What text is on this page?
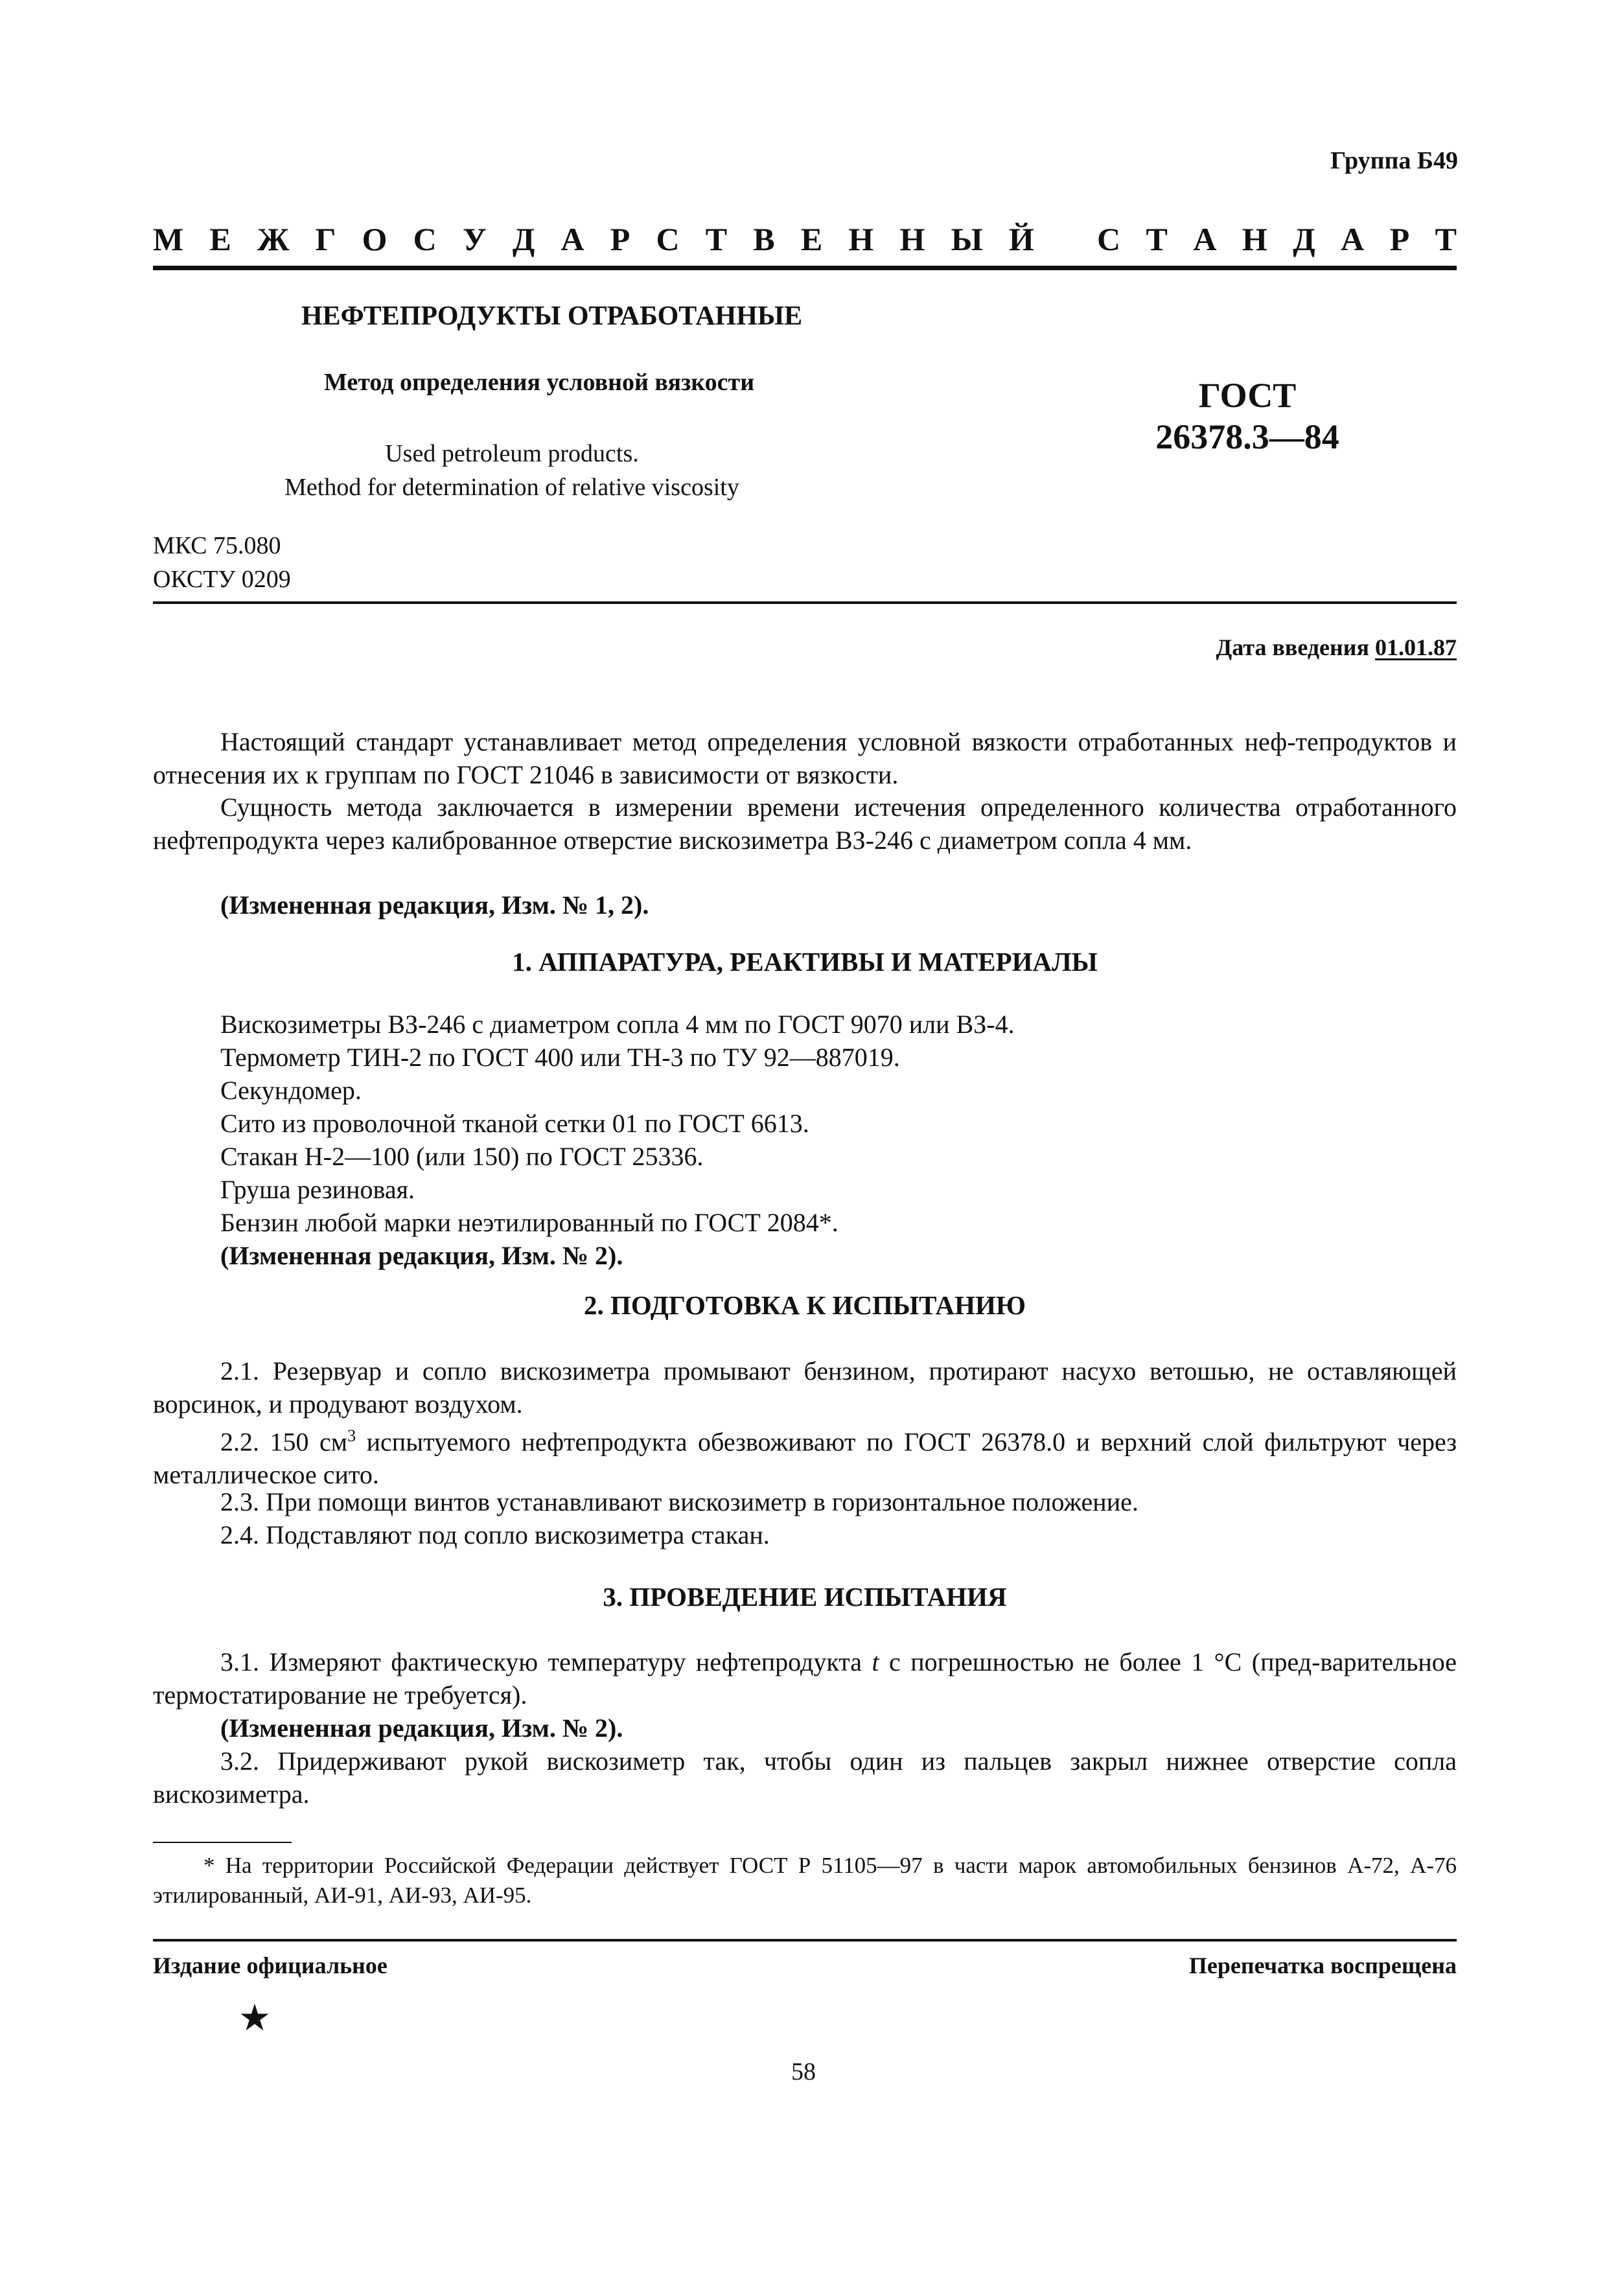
Группа Б49
М Е Ж Г О С У Д А Р С Т В Е Н Н Ы Й С Т А Н Д А Р Т
НЕФТЕПРОДУКТЫ ОТРАБОТАННЫЕ
Метод определения условной вязкости
Used petroleum products.
Method for determination of relative viscosity
ГОСТ
26378.3—84
МКС 75.080
ОКСТУ 0209
Дата введения 01.01.87
Настоящий стандарт устанавливает метод определения условной вязкости отработанных неф-тепродуктов и отнесения их к группам по ГОСТ 21046 в зависимости от вязкости.
Сущность метода заключается в измерении времени истечения определенного количества отработанного нефтепродукта через калиброванное отверстие вискозиметра ВЗ-246 с диаметром сопла 4 мм.
(Измененная редакция, Изм. № 1, 2).
1. АППАРАТУРА, РЕАКТИВЫ И МАТЕРИАЛЫ
Вискозиметры ВЗ-246 с диаметром сопла 4 мм по ГОСТ 9070 или ВЗ-4.
Термометр ТИН-2 по ГОСТ 400 или ТН-3 по ТУ 92—887019.
Секундомер.
Сито из проволочной тканой сетки 01 по ГОСТ 6613.
Стакан Н-2—100 (или 150) по ГОСТ 25336.
Груша резиновая.
Бензин любой марки неэтилированный по ГОСТ 2084*.
(Измененная редакция, Изм. № 2).
2. ПОДГОТОВКА К ИСПЫТАНИЮ
2.1. Резервуар и сопло вискозиметра промывают бензином, протирают насухо ветошью, не оставляющей ворсинок, и продувают воздухом.
2.2. 150 $см^3$ испытуемого нефтепродукта обезвоживают по ГОСТ 26378.0 и верхний слой фильтруют через металлическое сито.
2.3. При помощи винтов устанавливают вискозиметр в горизонтальное положение.
2.4. Подставляют под сопло вискозиметра стакан.
3. ПРОВЕДЕНИЕ ИСПЫТАНИЯ
3.1. Измеряют фактическую температуру нефтепродукта t с погрешностью не более 1 °С (пред-варительное термостатирование не требуется).
(Измененная редакция, Изм. № 2).
3.2. Придерживают рукой вискозиметр так, чтобы один из пальцев закрыл нижнее отверстие сопла вискозиметра.
* На территории Российской Федерации действует ГОСТ Р 51105—97 в части марок автомобильных бензинов А-72, А-76 этилированный, АИ-91, АИ-93, АИ-95.
Издание официальное	Перепечатка воспрещена
58
